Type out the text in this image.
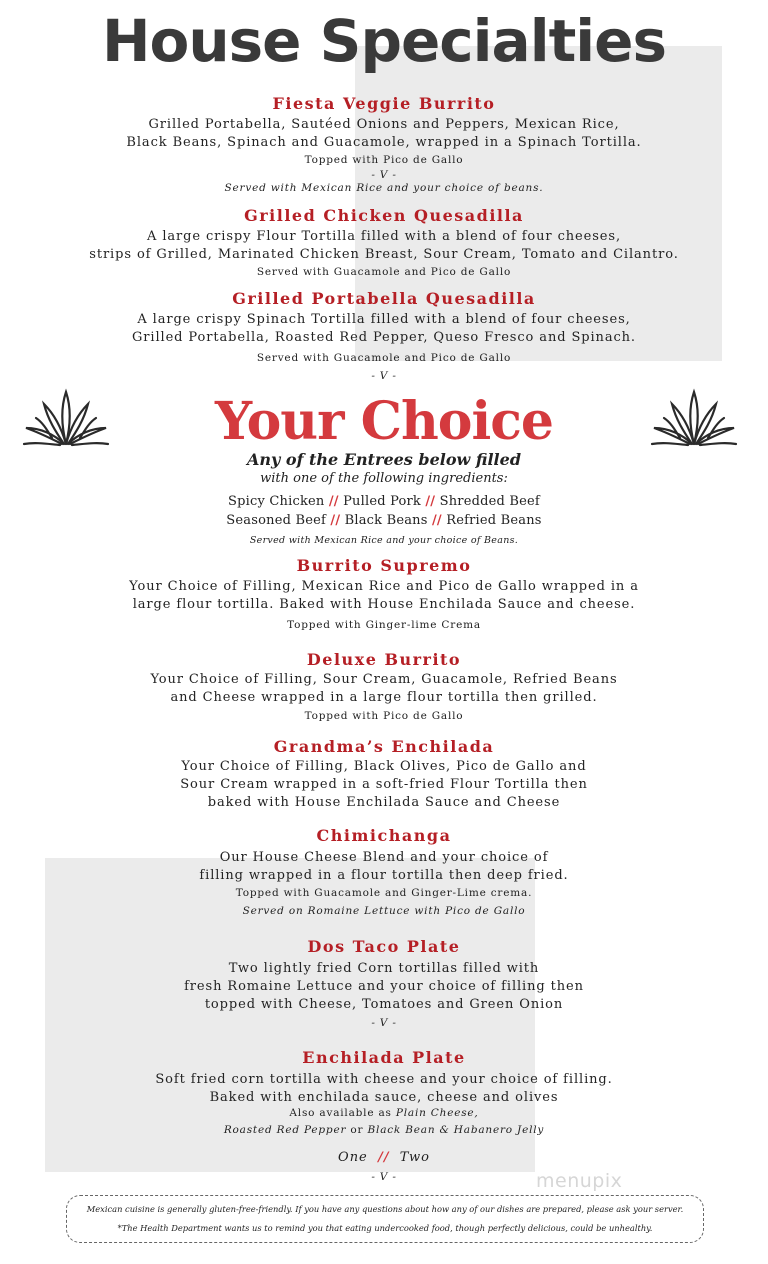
House Specialties
Fiesta Veggie Burrito
Grilled Portabella, Sautéed Onions and Peppers, Mexican Rice,
Black Beans, Spinach and Guacamole, wrapped in a Spinach Tortilla.
Topped with Pico de Gallo
- V -
Served with Mexican Rice and your choice of beans.
Grilled Chicken Quesadilla
A large crispy Flour Tortilla filled with a blend of four cheeses,
strips of Grilled, Marinated Chicken Breast, Sour Cream, Tomato and Cilantro.
Served with Guacamole and Pico de Gallo
Grilled Portabella Quesadilla
A large crispy Spinach Tortilla filled with a blend of four cheeses,
Grilled Portabella, Roasted Red Pepper, Queso Fresco and Spinach.
Served with Guacamole and Pico de Gallo
- V -
Your Choice
Any of the Entrees below filled
with one of the following ingredients:
Spicy Chicken // Pulled Pork // Shredded Beef
Seasoned Beef // Black Beans // Refried Beans
Served with Mexican Rice and your choice of Beans.
Burrito Supremo
Your Choice of Filling, Mexican Rice and Pico de Gallo wrapped in a
large flour tortilla. Baked with House Enchilada Sauce and cheese.
Topped with Ginger-lime Crema
Deluxe Burrito
Your Choice of Filling, Sour Cream, Guacamole, Refried Beans
and Cheese wrapped in a large flour tortilla then grilled.
Topped with Pico de Gallo
Grandma’s Enchilada
Your Choice of Filling, Black Olives, Pico de Gallo and
Sour Cream wrapped in a soft-fried Flour Tortilla then
baked with House Enchilada Sauce and Cheese
Chimichanga
Our House Cheese Blend and your choice of
filling wrapped in a flour tortilla then deep fried.
Topped with Guacamole and Ginger-Lime crema.
Served on Romaine Lettuce with Pico de Gallo
Dos Taco Plate
Two lightly fried Corn tortillas filled with
fresh Romaine Lettuce and your choice of filling then
topped with Cheese, Tomatoes and Green Onion
- V -
Enchilada Plate
Soft fried corn tortilla with cheese and your choice of filling.
Baked with enchilada sauce, cheese and olives
Also available as Plain Cheese,
Roasted Red Pepper or Black Bean & Habanero Jelly
One // Two
- V -	menupix

Mexican cuisine is generally gluten-free-friendly. If you have any questions about how any of our dishes are prepared, please ask your server.

*The Health Department wants us to remind you that eating undercooked food, though perfectly delicious, could be unhealthy.
